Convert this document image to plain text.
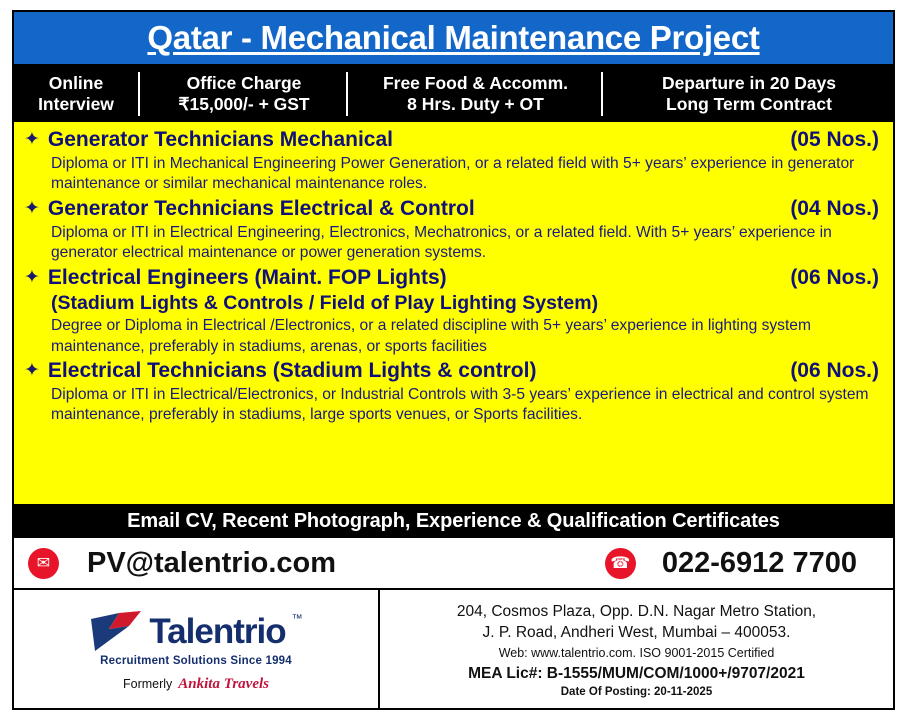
Qatar - Mechanical Maintenance Project
Online
Interview
Office Charge
₹15,000/- + GST
Free Food & Accomm.
8 Hrs. Duty + OT
Departure in 20 Days
Long Term Contract
✦ Generator Technicians Mechanical	(05 Nos.)
Diploma or ITI in Mechanical Engineering Power Generation, or a related field with 5+ years’ experience in generator maintenance or similar mechanical maintenance roles.
✦ Generator Technicians Electrical & Control	(04 Nos.)
Diploma or ITI in Electrical Engineering, Electronics, Mechatronics, or a related field. With 5+ years’ experience in generator electrical maintenance or power generation systems.
✦ Electrical Engineers (Maint. FOP Lights)	(06 Nos.)
(Stadium Lights & Controls / Field of Play Lighting System)
Degree or Diploma in Electrical /Electronics, or a related discipline with 5+ years’ experience in lighting system maintenance, preferably in stadiums, arenas, or sports facilities
✦ Electrical Technicians (Stadium Lights & control)	(06 Nos.)
Diploma or ITI in Electrical/Electronics, or Industrial Controls with 3-5 years’ experience in electrical and control system maintenance, preferably in stadiums, large sports venues, or Sports facilities.
Email CV, Recent Photograph, Experience & Qualification Certificates
✉ PV@talentrio.com	☎ 022-6912 7700
Talentrio ™
Recruitment Solutions Since 1994
Formerly Ankita Travels
204, Cosmos Plaza, Opp. D.N. Nagar Metro Station,
J. P. Road, Andheri West, Mumbai – 400053.
Web: www.talentrio.com. ISO 9001-2015 Certified
MEA Lic#: B-1555/MUM/COM/1000+/9707/2021
Date Of Posting: 20-11-2025
